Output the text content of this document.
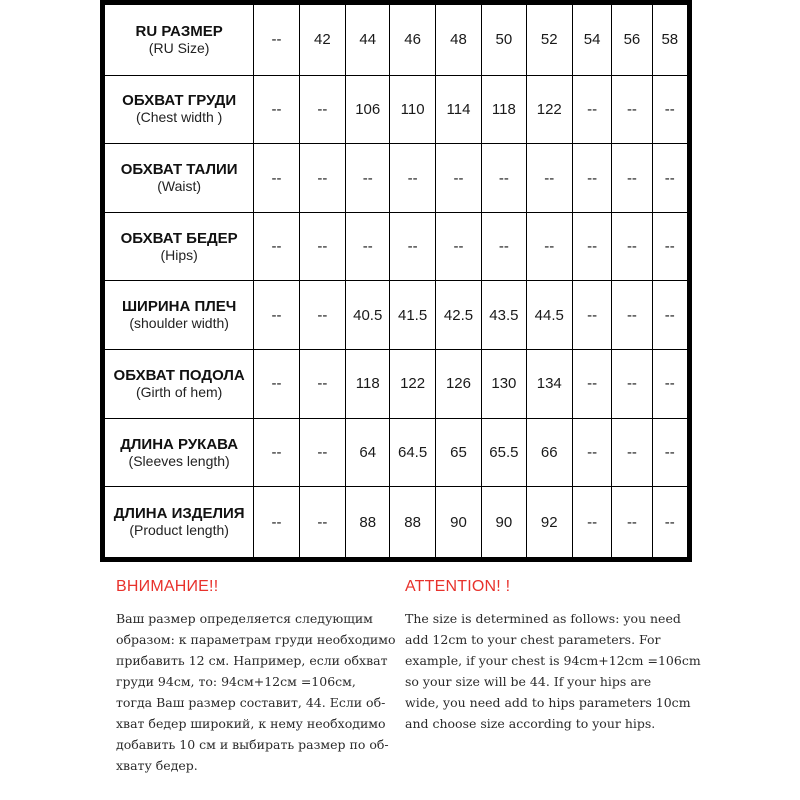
RU РАЗМЕР
(RU Size)	--	42	44	46	48	50	52	54	56	58

ОБХВАТ ГРУДИ
(Chest width )	--	--	106	110	114	118	122	--	--	--

ОБХВАТ ТАЛИИ
(Waist)	--	--	--	--	--	--	--	--	--	--

ОБХВАТ БЕДЕР
(Hips)	--	--	--	--	--	--	--	--	--	--

ШИРИНА ПЛЕЧ
(shoulder width)	--	--	40.5	41.5	42.5	43.5	44.5	--	--	--

ОБХВАТ ПОДОЛА
(Girth of hem)	--	--	118	122	126	130	134	--	--	--

ДЛИНА РУКАВА
(Sleeves length)	--	--	64	64.5	65	65.5	66	--	--	--

ДЛИНА ИЗДЕЛИЯ
(Product length)	--	--	88	88	90	90	92	--	--	--
ВНИМАНИЕ!!
Ваш размер определяется следующим
образом: к параметрам груди необходимо
прибавить 12 см. Например, если обхват
груди 94см, то: 94см+12см =106см,
тогда Ваш размер составит, 44. Если об-
хват бедер широкий, к нему необходимо
добавить 10 см и выбирать размер по об-
хвату бедер.
ATTENTION! !
The size is determined as follows: you need
add 12cm to your chest parameters. For
example, if your chest is 94cm+12cm =106cm
so your size will be 44. If your hips are
wide, you need add to hips parameters 10cm
and choose size according to your hips.
